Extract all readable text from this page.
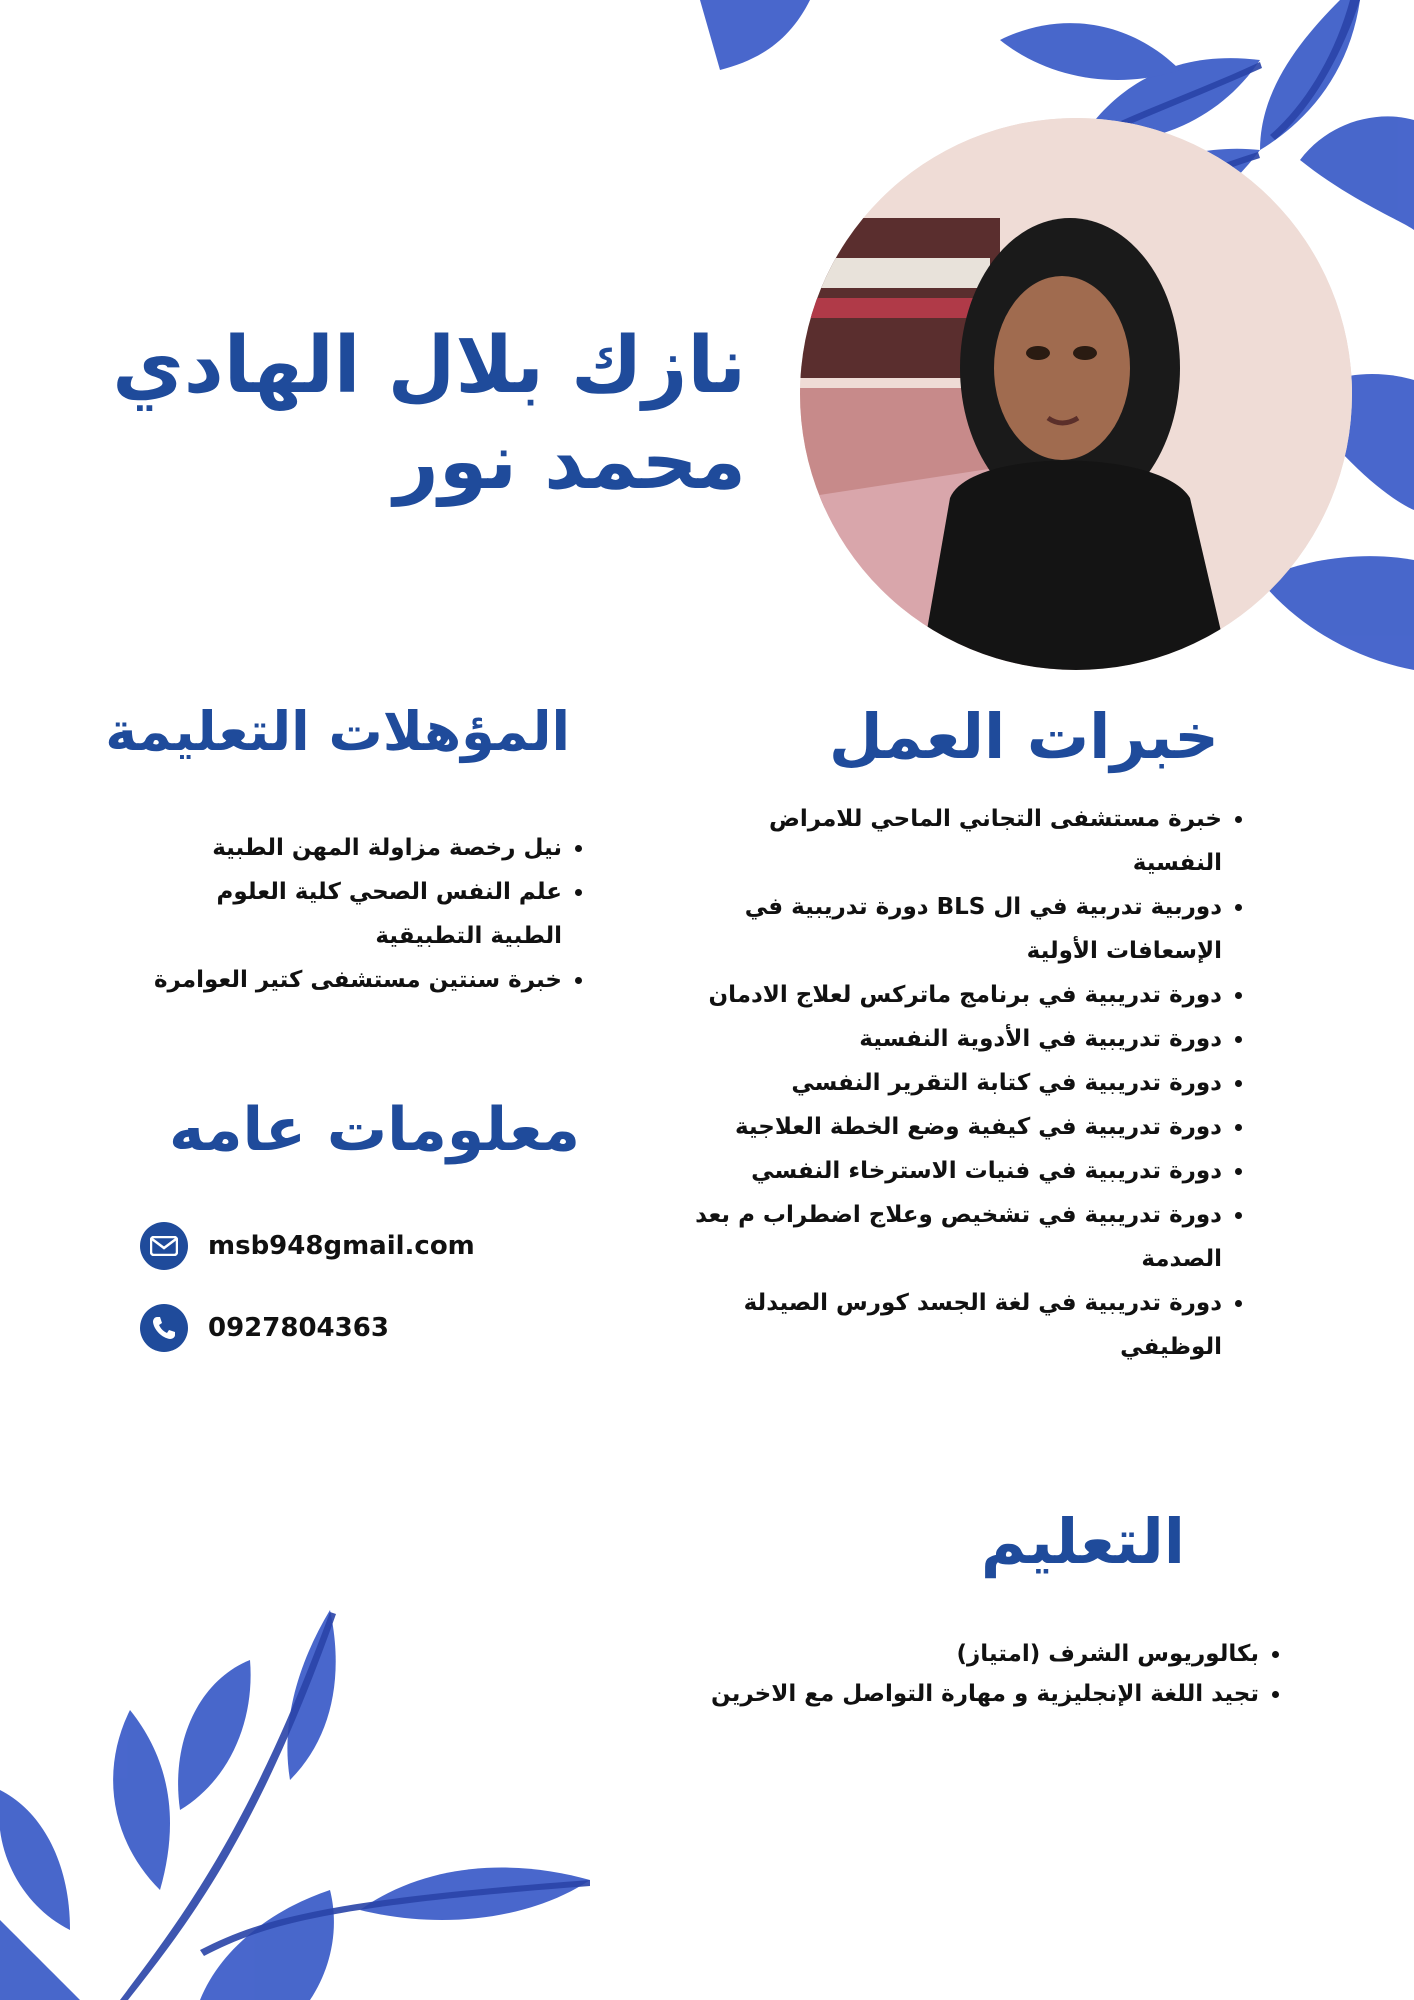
نازك بلال الهادي
محمد نور
المؤهلات التعليمة
• نيل رخصة مزاولة المهن الطبية
• علم النفس الصحي كلية العلوم الطبية التطبيقية
• خبرة سنتين مستشفى كتير العوامرة
خبرات العمل
• خبرة مستشفى التجاني الماحي للامراض النفسية
• دوربية تدربية في ال BLS دورة تدريبية في الإسعافات الأولية
• دورة تدريبية في برنامج ماتركس لعلاج الادمان
• دورة تدريبية في الأدوية النفسية
• دورة تدريبية في كتابة التقرير النفسي
• دورة تدريبية في كيفية وضع الخطة العلاجية
• دورة تدريبية في فنيات الاسترخاء النفسي
• دورة تدريبية في تشخيص وعلاج اضطراب م بعد الصدمة
• دورة تدريبية في لغة الجسد كورس الصيدلة الوظيفي
معلومات عامه
msb948gmail.com
0927804363
التعليم
• بكالوريوس الشرف (امتياز)
• تجيد اللغة الإنجليزية و مهارة التواصل مع الاخرين
